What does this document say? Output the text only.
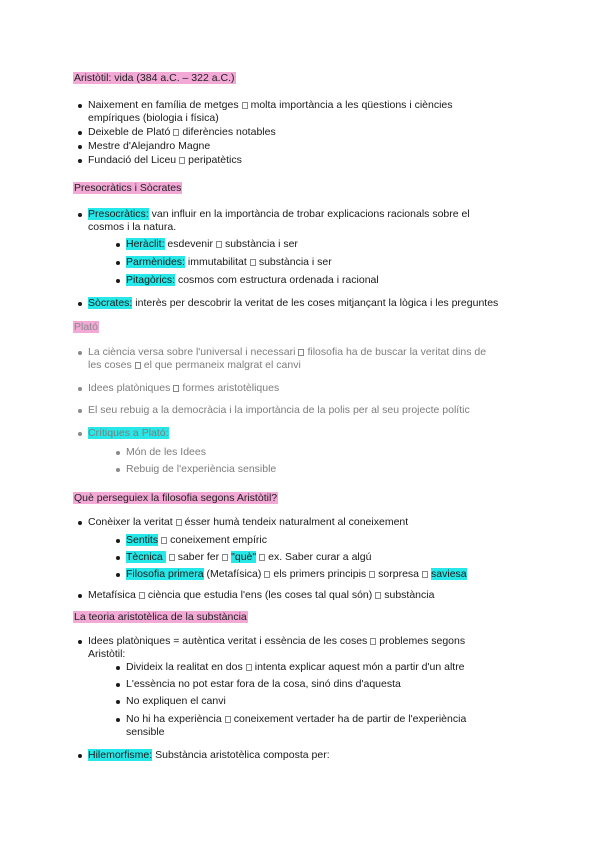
Aristòtil: vida (384 a.C. – 322 a.C.)
Naixement en família de metges molta importància a les qüestions i ciències
empíriques (biologia i física)
Deixeble de Plató diferències notables
Mestre d'Alejandro Magne
Fundació del Liceu peripatètics
Presocràtics i Sòcrates
Presocràtics: van influir en la importància de trobar explicacions racionals sobre el
cosmos i la natura.
Heràclit: esdevenir substància i ser
Parmènides: immutabilitat substància i ser
Pitagòrics: cosmos com estructura ordenada i racional
Sòcrates: interès per descobrir la veritat de les coses mitjançant la lògica i les preguntes
Plató
La ciència versa sobre l'universal i necessari filosofia ha de buscar la veritat dins de
les coses el que permaneix malgrat el canvi
Idees platòniques formes aristotèliques
El seu rebuig a la democràcia i la importància de la polis per al seu projecte polític
Crítiques a Plató:
Món de les Idees
Rebuig de l'experiència sensible
Què perseguiex la filosofia segons Aristòtil?
Conèixer la veritat ésser humà tendeix naturalment al coneixement
Sentits coneixement empíric
Tècnica saber fer "què" ex. Saber curar a algú
Filosofia primera (Metafísica) els primers principis sorpresa saviesa
Metafísica ciència que estudia l'ens (les coses tal qual són) substància
La teoria aristotèlica de la substància
Idees platòniques = autèntica veritat i essència de les coses problemes segons
Aristòtil:
Divideix la realitat en dos intenta explicar aquest món a partir d'un altre
L'essència no pot estar fora de la cosa, sinó dins d'aquesta
No expliquen el canvi
No hi ha experiència coneixement vertader ha de partir de l'experiència
sensible
Hilemorfisme: Substància aristotèlica composta per:
